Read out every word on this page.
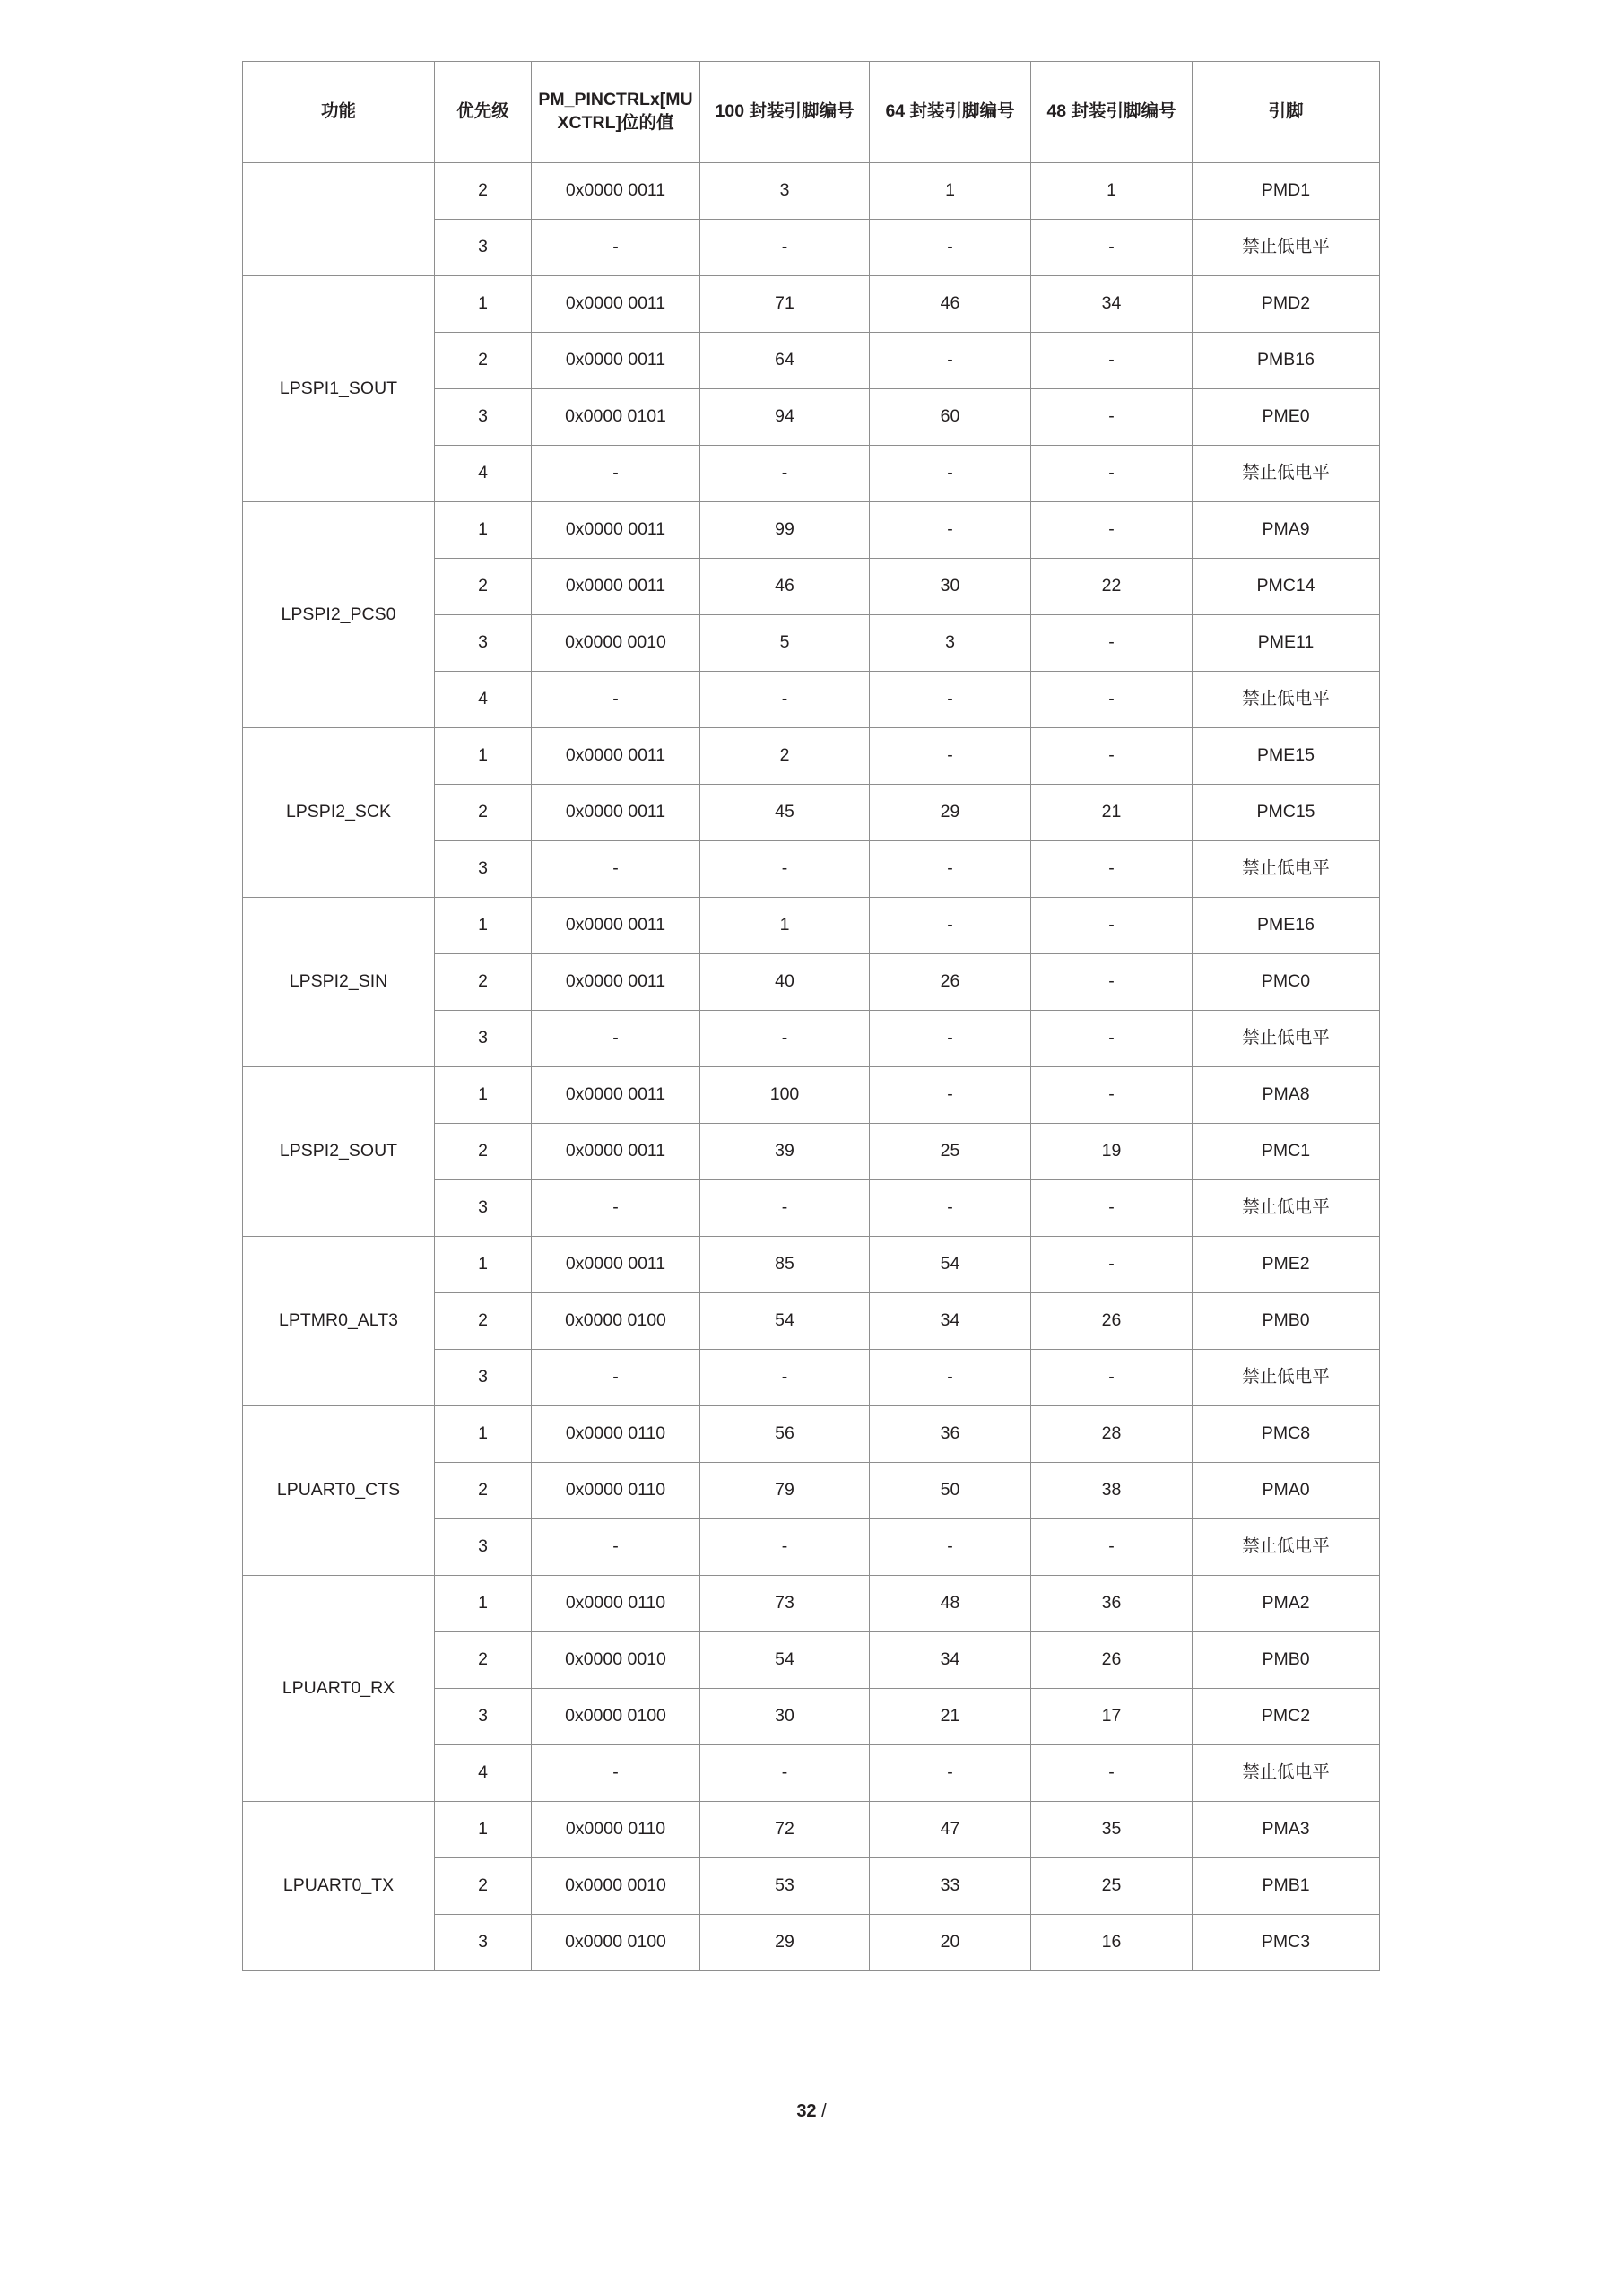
功能	优先级	PM_PINCTRLx[MUXCTRL]位的值	100 封装引脚编号	64 封装引脚编号	48 封装引脚编号	引脚
	2	0x0000 0011	3	1	1	PMD1
	3	-	-	-	-	禁止低电平
LPSPI1_SOUT	1	0x0000 0011	71	46	34	PMD2
	2	0x0000 0011	64	-	-	PMB16
	3	0x0000 0101	94	60	-	PME0
	4	-	-	-	-	禁止低电平
LPSPI2_PCS0	1	0x0000 0011	99	-	-	PMA9
	2	0x0000 0011	46	30	22	PMC14
	3	0x0000 0010	5	3	-	PME11
	4	-	-	-	-	禁止低电平
LPSPI2_SCK	1	0x0000 0011	2	-	-	PME15
	2	0x0000 0011	45	29	21	PMC15
	3	-	-	-	-	禁止低电平
LPSPI2_SIN	1	0x0000 0011	1	-	-	PME16
	2	0x0000 0011	40	26	-	PMC0
	3	-	-	-	-	禁止低电平
LPSPI2_SOUT	1	0x0000 0011	100	-	-	PMA8
	2	0x0000 0011	39	25	19	PMC1
	3	-	-	-	-	禁止低电平
LPTMR0_ALT3	1	0x0000 0011	85	54	-	PME2
	2	0x0000 0100	54	34	26	PMB0
	3	-	-	-	-	禁止低电平
LPUART0_CTS	1	0x0000 0110	56	36	28	PMC8
	2	0x0000 0110	79	50	38	PMA0
	3	-	-	-	-	禁止低电平
LPUART0_RX	1	0x0000 0110	73	48	36	PMA2
	2	0x0000 0010	54	34	26	PMB0
	3	0x0000 0100	30	21	17	PMC2
	4	-	-	-	-	禁止低电平
LPUART0_TX	1	0x0000 0110	72	47	35	PMA3
	2	0x0000 0010	53	33	25	PMB1
	3	0x0000 0100	29	20	16	PMC3
32 /
